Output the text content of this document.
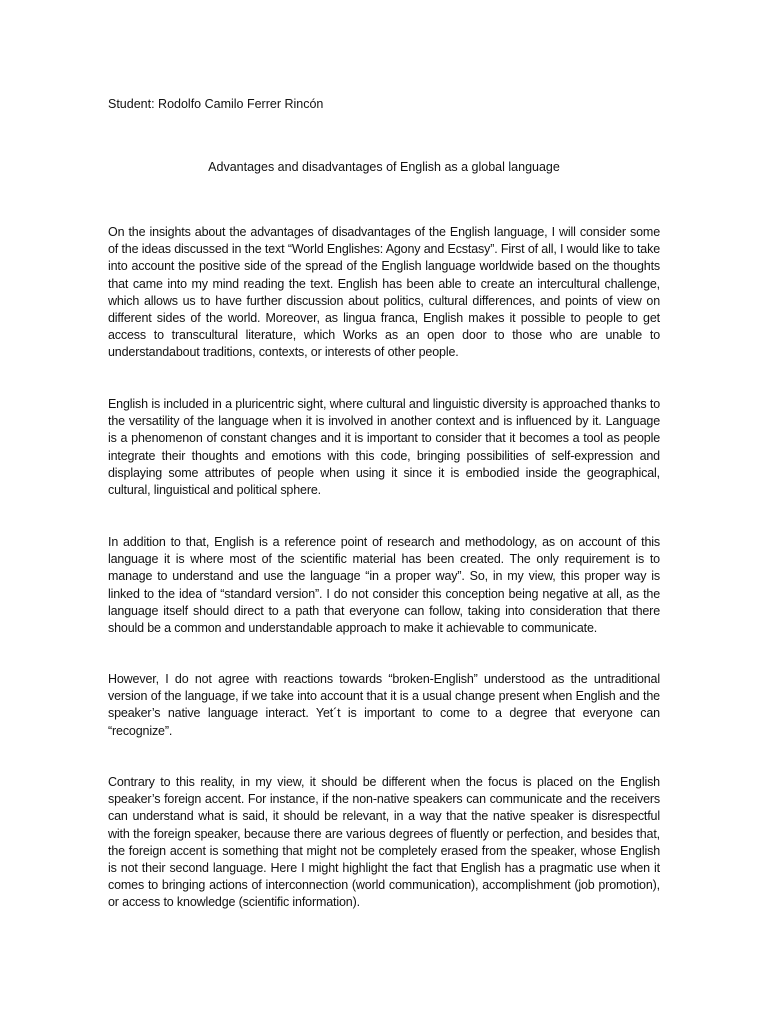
Student: Rodolfo Camilo Ferrer Rincón
Advantages and disadvantages of English as a global language

On the insights about the advantages of disadvantages of the English language, I will consider some of the ideas discussed in the text “World Englishes: Agony and Ecstasy”. First of all, I would like to take into account the positive side of the spread of the English language worldwide based on the thoughts that came into my mind reading the text. English has been able to create an intercultural challenge, which allows us to have further discussion about politics, cultural differences, and points of view on different sides of the world. Moreover, as lingua franca, English makes it possible to people to get access to transcultural literature, which Works as an open door to those who are unable to understandabout traditions, contexts, or interests of other people.

English is included in a pluricentric sight, where cultural and linguistic diversity is approached thanks to the versatility of the language when it is involved in another context and is influenced by it. Language is a phenomenon of constant changes and it is important to consider that it becomes a tool as people integrate their thoughts and emotions with this code, bringing possibilities of self-expression and displaying some attributes of people when using it since it is embodied inside the geographical, cultural, linguistical and political sphere.

In addition to that, English is a reference point of research and methodology, as on account of this language it is where most of the scientific material has been created. The only requirement is to manage to understand and use the language “in a proper way”. So, in my view, this proper way is linked to the idea of “standard version”. I do not consider this conception being negative at all, as the language itself should direct to a path that everyone can follow, taking into consideration that there should be a common and understandable approach to make it achievable to communicate.

However, I do not agree with reactions towards “broken-English” understood as the untraditional version of the language, if we take into account that it is a usual change present when English and the speaker’s native language interact. Yet´t is important to come to a degree that everyone can “recognize”.

Contrary to this reality, in my view, it should be different when the focus is placed on the English speaker’s foreign accent. For instance, if the non-native speakers can communicate and the receivers can understand what is said, it should be relevant, in a way that the native speaker is disrespectful with the foreign speaker, because there are various degrees of fluently or perfection, and besides that, the foreign accent is something that might not be completely erased from the speaker, whose English is not their second language. Here I might highlight the fact that English has a pragmatic use when it comes to bringing actions of interconnection (world communication), accomplishment (job promotion), or access to knowledge (scientific information).
